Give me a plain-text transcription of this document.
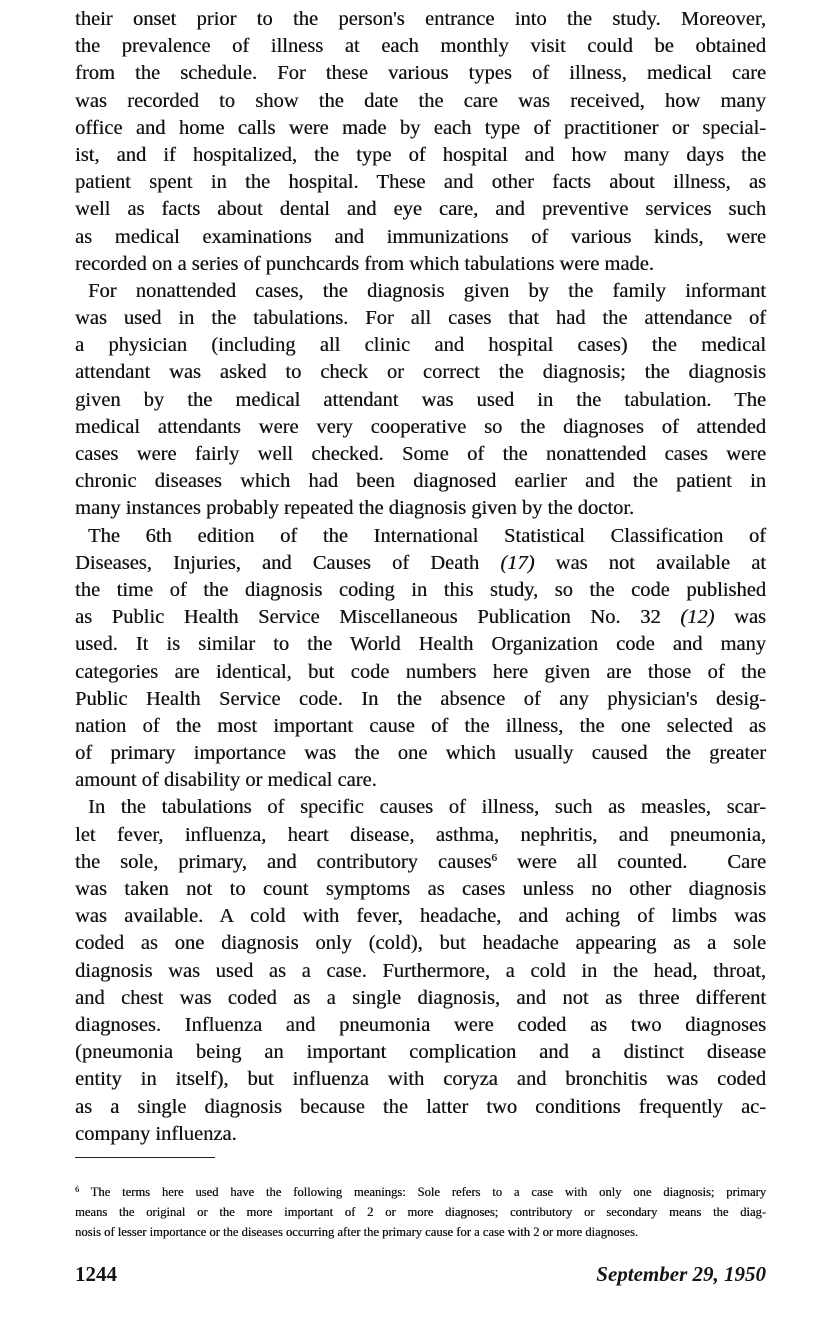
their onset prior to the person's entrance into the study. Moreover,
the prevalence of illness at each monthly visit could be obtained
from the schedule. For these various types of illness, medical care
was recorded to show the date the care was received, how many
office and home calls were made by each type of practitioner or special-
ist, and if hospitalized, the type of hospital and how many days the
patient spent in the hospital. These and other facts about illness, as
well as facts about dental and eye care, and preventive services such
as medical examinations and immunizations of various kinds, were
recorded on a series of punchcards from which tabulations were made.
For nonattended cases, the diagnosis given by the family informant
was used in the tabulations. For all cases that had the attendance of
a physician (including all clinic and hospital cases) the medical
attendant was asked to check or correct the diagnosis; the diagnosis
given by the medical attendant was used in the tabulation. The
medical attendants were very cooperative so the diagnoses of attended
cases were fairly well checked. Some of the nonattended cases were
chronic diseases which had been diagnosed earlier and the patient in
many instances probably repeated the diagnosis given by the doctor.
The 6th edition of the International Statistical Classification of
Diseases, Injuries, and Causes of Death (17) was not available at
the time of the diagnosis coding in this study, so the code published
as Public Health Service Miscellaneous Publication No. 32 (12) was
used. It is similar to the World Health Organization code and many
categories are identical, but code numbers here given are those of the
Public Health Service code. In the absence of any physician's desig-
nation of the most important cause of the illness, the one selected as
of primary importance was the one which usually caused the greater
amount of disability or medical care.
In the tabulations of specific causes of illness, such as measles, scar-
let fever, influenza, heart disease, asthma, nephritis, and pneumonia,
the sole, primary, and contributory causes$^6$ were all counted.  Care
was taken not to count symptoms as cases unless no other diagnosis
was available. A cold with fever, headache, and aching of limbs was
coded as one diagnosis only (cold), but headache appearing as a sole
diagnosis was used as a case. Furthermore, a cold in the head, throat,
and chest was coded as a single diagnosis, and not as three different
diagnoses. Influenza and pneumonia were coded as two diagnoses
(pneumonia being an important complication and a distinct disease
entity in itself), but influenza with coryza and bronchitis was coded
as a single diagnosis because the latter two conditions frequently ac-
company influenza.
$^6$ The terms here used have the following meanings: Sole refers to a case with only one diagnosis; primary
means the original or the more important of 2 or more diagnoses; contributory or secondary means the diag-
nosis of lesser importance or the diseases occurring after the primary cause for a case with 2 or more diagnoses.
1244	September 29, 1950
